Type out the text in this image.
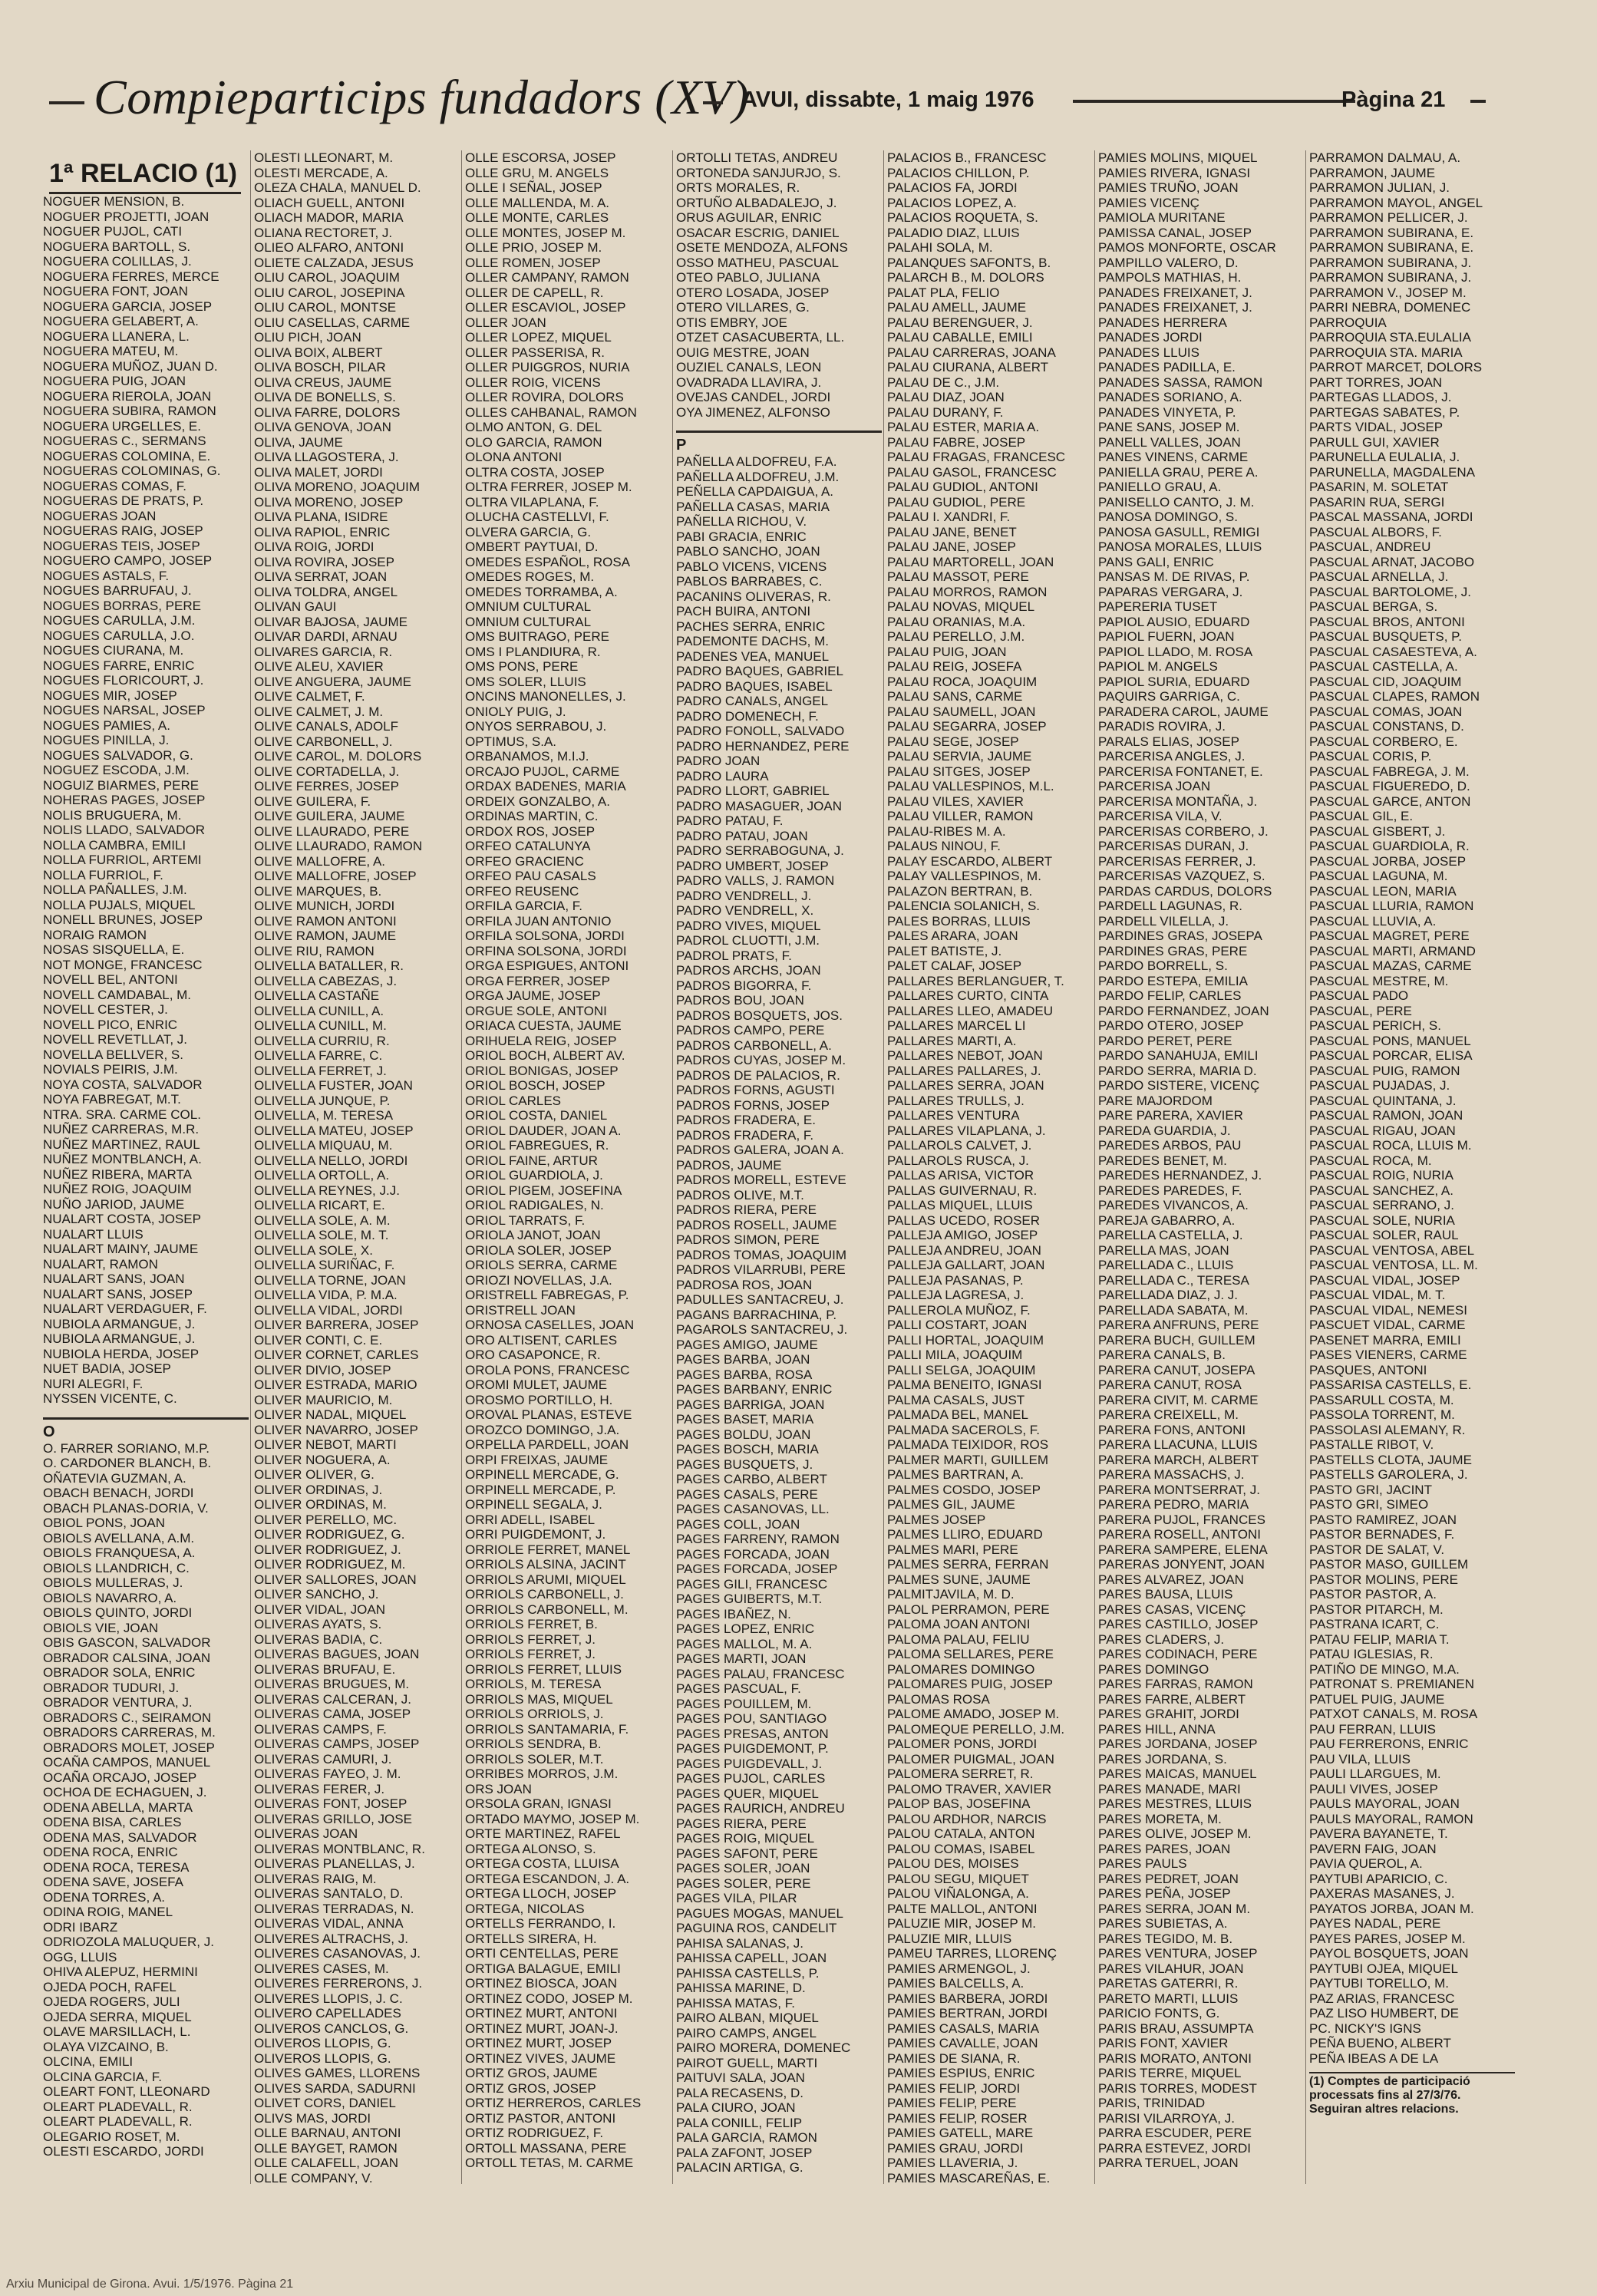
Compieparticips fundadors (XV)
AVUI, dissabte, 1 maig 1976	Pàgina 21
1ª RELACIO (1)
NOGUER MENSION, B.
NOGUER PROJETTI, JOAN
NOGUER PUJOL, CATI
NOGUERA BARTOLL, S.
NOGUERA COLILLAS, J.
NOGUERA FERRES, MERCE
NOGUERA FONT, JOAN
NOGUERA GARCIA, JOSEP
NOGUERA GELABERT, A.
NOGUERA LLANERA, L.
NOGUERA MATEU, M.
NOGUERA MUÑOZ, JUAN D.
NOGUERA PUIG, JOAN
NOGUERA RIEROLA, JOAN
NOGUERA SUBIRA, RAMON
NOGUERA URGELLES, E.
NOGUERAS C., SERMANS
NOGUERAS COLOMINA, E.
NOGUERAS COLOMINAS, G.
NOGUERAS COMAS, F.
NOGUERAS DE PRATS, P.
NOGUERAS JOAN
NOGUERAS RAIG, JOSEP
NOGUERAS TEIS, JOSEP
NOGUERO CAMPO, JOSEP
NOGUES ASTALS, F.
NOGUES BARRUFAU, J.
NOGUES BORRAS, PERE
NOGUES CARULLA, J.M.
NOGUES CARULLA, J.O.
NOGUES CIURANA, M.
NOGUES FARRE, ENRIC
NOGUES FLORICOURT, J.
NOGUES MIR, JOSEP
NOGUES NARSAL, JOSEP
NOGUES PAMIES, A.
NOGUES PINILLA, J.
NOGUES SALVADOR, G.
NOGUEZ ESCODA, J.M.
NOGUIZ BIARMES, PERE
NOHERAS PAGES, JOSEP
NOLIS BRUGUERA, M.
NOLIS LLADO, SALVADOR
NOLLA CAMBRA, EMILI
NOLLA FURRIOL, ARTEMI
NOLLA FURRIOL, F.
NOLLA PAÑALLES, J.M.
NOLLA PUJALS, MIQUEL
NONELL BRUNES, JOSEP
NORAIG RAMON
NOSAS SISQUELLA, E.
NOT MONGE, FRANCESC
NOVELL BEL, ANTONI
NOVELL CAMDABAL, M.
NOVELL CESTER, J.
NOVELL PICO, ENRIC
NOVELL REVETLLAT, J.
NOVELLA BELLVER, S.
NOVIALS PEIRIS, J.M.
NOYA COSTA, SALVADOR
NOYA FABREGAT, M.T.
NTRA. SRA. CARME COL.
NUÑEZ CARRERAS, M.R.
NUÑEZ MARTINEZ, RAUL
NUÑEZ MONTBLANCH, A.
NUÑEZ RIBERA, MARTA
NUÑEZ ROIG, JOAQUIM
NUÑO JARIOD, JAUME
NUALART COSTA, JOSEP
NUALART LLUIS
NUALART MAINY, JAUME
NUALART, RAMON
NUALART SANS, JOAN
NUALART SANS, JOSEP
NUALART VERDAGUER, F.
NUBIOLA ARMANGUE, J.
NUBIOLA ARMANGUE, J.
NUBIOLA HERDA, JOSEP
NUET BADIA, JOSEP
NURI ALEGRI, F.
NYSSEN VICENTE, C.
O
O. FARRER SORIANO, M.P.
O. CARDONER BLANCH, B.
OÑATEVIA GUZMAN, A.
OBACH BENACH, JORDI
OBACH PLANAS-DORIA, V.
OBIOL PONS, JOAN
OBIOLS AVELLANA, A.M.
OBIOLS FRANQUESA, A.
OBIOLS LLANDRICH, C.
OBIOLS MULLERAS, J.
OBIOLS NAVARRO, A.
OBIOLS QUINTO, JORDI
OBIOLS VIE, JOAN
OBIS GASCON, SALVADOR
OBRADOR CALSINA, JOAN
OBRADOR SOLA, ENRIC
OBRADOR TUDURI, J.
OBRADOR VENTURA, J.
OBRADORS C., SEIRAMON
OBRADORS CARRERAS, M.
OBRADORS MOLET, JOSEP
OCAÑA CAMPOS, MANUEL
OCAÑA ORCAJO, JOSEP
OCHOA DE ECHAGUEN, J.
ODENA ABELLA, MARTA
ODENA BISA, CARLES
ODENA MAS, SALVADOR
ODENA ROCA, ENRIC
ODENA ROCA, TERESA
ODENA SAVE, JOSEFA
ODENA TORRES, A.
ODINA ROIG, MANEL
ODRI IBARZ
ODRIOZOLA MALUQUER, J.
OGG, LLUIS
OHIVA ALEPUZ, HERMINI
OJEDA POCH, RAFEL
OJEDA ROGERS, JULI
OJEDA SERRA, MIQUEL
OLAVE MARSILLACH, L.
OLAYA VIZCAINO, B.
OLCINA, EMILI
OLCINA GARCIA, F.
OLEART FONT, LLEONARD
OLEART PLADEVALL, R.
OLEART PLADEVALL, R.
OLEGARIO ROSET, M.
OLESTI ESCARDO, JORDI
OLESTI LLEONART, M.
OLESTI MERCADE, A.
OLEZA CHALA, MANUEL D.
OLIACH GUELL, ANTONI
OLIACH MADOR, MARIA
OLIANA RECTORET, J.
OLIEO ALFARO, ANTONI
OLIETE CALZADA, JESUS
OLIU CAROL, JOAQUIM
OLIU CAROL, JOSEPINA
OLIU CAROL, MONTSE
OLIU CASELLAS, CARME
OLIU PICH, JOAN
OLIVA BOIX, ALBERT
OLIVA BOSCH, PILAR
OLIVA CREUS, JAUME
OLIVA DE BONELLS, S.
OLIVA FARRE, DOLORS
OLIVA GENOVA, JOAN
OLIVA, JAUME
OLIVA LLAGOSTERA, J.
OLIVA MALET, JORDI
OLIVA MORENO, JOAQUIM
OLIVA MORENO, JOSEP
OLIVA PLANA, ISIDRE
OLIVA RAPIOL, ENRIC
OLIVA ROIG, JORDI
OLIVA ROVIRA, JOSEP
OLIVA SERRAT, JOAN
OLIVA TOLDRA, ANGEL
OLIVAN GAUI
OLIVAR BAJOSA, JAUME
OLIVAR DARDI, ARNAU
OLIVARES GARCIA, R.
OLIVE ALEU, XAVIER
OLIVE ANGUERA, JAUME
OLIVE CALMET, F.
OLIVE CALMET, J. M.
OLIVE CANALS, ADOLF
OLIVE CARBONELL, J.
OLIVE CAROL, M. DOLORS
OLIVE CORTADELLA, J.
OLIVE FERRES, JOSEP
OLIVE GUILERA, F.
OLIVE GUILERA, JAUME
OLIVE LLAURADO, PERE
OLIVE LLAURADO, RAMON
OLIVE MALLOFRE, A.
OLIVE MALLOFRE, JOSEP
OLIVE MARQUES, B.
OLIVE MUNICH, JORDI
OLIVE RAMON ANTONI
OLIVE RAMON, JAUME
OLIVE RIU, RAMON
OLIVELLA BATALLER, R.
OLIVELLA CABEZAS, J.
OLIVELLA CASTAÑE
OLIVELLA CUNILL, A.
OLIVELLA CUNILL, M.
OLIVELLA CURRIU, R.
OLIVELLA FARRE, C.
OLIVELLA FERRET, J.
OLIVELLA FUSTER, JOAN
OLIVELLA JUNQUE, P.
OLIVELLA, M. TERESA
OLIVELLA MATEU, JOSEP
OLIVELLA MIQUAU, M.
OLIVELLA NELLO, JORDI
OLIVELLA ORTOLL, A.
OLIVELLA REYNES, J.J.
OLIVELLA RICART, E.
OLIVELLA SOLE, A. M.
OLIVELLA SOLE, M. T.
OLIVELLA SOLE, X.
OLIVELLA SURIÑAC, F.
OLIVELLA TORNE, JOAN
OLIVELLA VIDA, P. M.A.
OLIVELLA VIDAL, JORDI
OLIVER BARRERA, JOSEP
OLIVER CONTI, C. E.
OLIVER CORNET, CARLES
OLIVER DIVIO, JOSEP
OLIVER ESTRADA, MARIO
OLIVER MAURICIO, M.
OLIVER NADAL, MIQUEL
OLIVER NAVARRO, JOSEP
OLIVER NEBOT, MARTI
OLIVER NOGUERA, A.
OLIVER OLIVER, G.
OLIVER ORDINAS, J.
OLIVER ORDINAS, M.
OLIVER PERELLO, MC.
OLIVER RODRIGUEZ, G.
OLIVER RODRIGUEZ, J.
OLIVER RODRIGUEZ, M.
OLIVER SALLORES, JOAN
OLIVER SANCHO, J.
OLIVER VIDAL, JOAN
OLIVERAS AYATS, S.
OLIVERAS BADIA, C.
OLIVERAS BAGUES, JOAN
OLIVERAS BRUFAU, E.
OLIVERAS BRUGUES, M.
OLIVERAS CALCERAN, J.
OLIVERAS CAMA, JOSEP
OLIVERAS CAMPS, F.
OLIVERAS CAMPS, JOSEP
OLIVERAS CAMURI, J.
OLIVERAS FAYEO, J. M.
OLIVERAS FERER, J.
OLIVERAS FONT, JOSEP
OLIVERAS GRILLO, JOSE
OLIVERAS JOAN
OLIVERAS MONTBLANC, R.
OLIVERAS PLANELLAS, J.
OLIVERAS RAIG, M.
OLIVERAS SANTALO, D.
OLIVERAS TERRADAS, N.
OLIVERAS VIDAL, ANNA
OLIVERES ALTRACHS, J.
OLIVERES CASANOVAS, J.
OLIVERES CASES, M.
OLIVERES FERRERONS, J.
OLIVERES LLOPIS, J. C.
OLIVERO CAPELLADES
OLIVEROS CANCLOS, G.
OLIVEROS LLOPIS, G.
OLIVEROS LLOPIS, G.
OLIVES GAMES, LLORENS
OLIVES SARDA, SADURNI
OLIVET CORS, DANIEL
OLIVS MAS, JORDI
OLLE BARNAU, ANTONI
OLLE BAYGET, RAMON
OLLE CALAFELL, JOAN
OLLE COMPANY, V.
OLLE ESCORSA, JOSEP
OLLE GRU, M. ANGELS
OLLE I SEÑAL, JOSEP
OLLE MALLENDA, M. A.
OLLE MONTE, CARLES
OLLE MONTES, JOSEP M.
OLLE PRIO, JOSEP M.
OLLE ROMEN, JOSEP
OLLER CAMPANY, RAMON
OLLER DE CAPELL, R.
OLLER ESCAVIOL, JOSEP
OLLER JOAN
OLLER LOPEZ, MIQUEL
OLLER PASSERISA, R.
OLLER PUIGGROS, NURIA
OLLER ROIG, VICENS
OLLER ROVIRA, DOLORS
OLLES CAHBANAL, RAMON
OLMO ANTON, G. DEL
OLO GARCIA, RAMON
OLONA ANTONI
OLTRA COSTA, JOSEP
OLTRA FERRER, JOSEP M.
OLTRA VILAPLANA, F.
OLUCHA CASTELLVI, F.
OLVERA GARCIA, G.
OMBERT PAYTUAI, D.
OMEDES ESPAÑOL, ROSA
OMEDES ROGES, M.
OMEDES TORRAMBA, A.
OMNIUM CULTURAL
OMNIUM CULTURAL
OMS BUITRAGO, PERE
OMS I PLANDIURA, R.
OMS PONS, PERE
OMS SOLER, LLUIS
ONCINS MANONELLES, J.
ONIOLY PUIG, J.
ONYOS SERRABOU, J.
OPTIMUS, S.A.
ORBANAMOS, M.I.J.
ORCAJO PUJOL, CARME
ORDAX BADENES, MARIA
ORDEIX GONZALBO, A.
ORDINAS MARTIN, C.
ORDOX ROS, JOSEP
ORFEO CATALUNYA
ORFEO GRACIENC
ORFEO PAU CASALS
ORFEO REUSENC
ORFILA GARCIA, F.
ORFILA JUAN ANTONIO
ORFILA SOLSONA, JORDI
ORFINA SOLSONA, JORDI
ORGA ESPIGUES, ANTONI
ORGA FERRER, JOSEP
ORGA JAUME, JOSEP
ORGUE SOLE, ANTONI
ORIACA CUESTA, JAUME
ORIHUELA REIG, JOSEP
ORIOL BOCH, ALBERT AV.
ORIOL BONIGAS, JOSEP
ORIOL BOSCH, JOSEP
ORIOL CARLES
ORIOL COSTA, DANIEL
ORIOL DAUDER, JOAN A.
ORIOL FABREGUES, R.
ORIOL FAINE, ARTUR
ORIOL GUARDIOLA, J.
ORIOL PIGEM, JOSEFINA
ORIOL RADIGALES, N.
ORIOL TARRATS, F.
ORIOLA JANOT, JOAN
ORIOLA SOLER, JOSEP
ORIOLS SERRA, CARME
ORIOZI NOVELLAS, J.A.
ORISTRELL FABREGAS, P.
ORISTRELL JOAN
ORNOSA CASELLES, JOAN
ORO ALTISENT, CARLES
ORO CASAPONCE, R.
OROLA PONS, FRANCESC
OROMI MULET, JAUME
OROSMO PORTILLO, H.
OROVAL PLANAS, ESTEVE
OROZCO DOMINGO, J.A.
ORPELLA PARDELL, JOAN
ORPI FREIXAS, JAUME
ORPINELL MERCADE, G.
ORPINELL MERCADE, P.
ORPINELL SEGALA, J.
ORRI ADELL, ISABEL
ORRI PUIGDEMONT, J.
ORRIOLE FERRET, MANEL
ORRIOLS ALSINA, JACINT
ORRIOLS ARUMI, MIQUEL
ORRIOLS CARBONELL, J.
ORRIOLS CARBONELL, M.
ORRIOLS FERRET, B.
ORRIOLS FERRET, J.
ORRIOLS FERRET, J.
ORRIOLS FERRET, LLUIS
ORRIOLS, M. TERESA
ORRIOLS MAS, MIQUEL
ORRIOLS ORRIOLS, J.
ORRIOLS SANTAMARIA, F.
ORRIOLS SENDRA, B.
ORRIOLS SOLER, M.T.
ORRIBES MORROS, J.M.
ORS JOAN
ORSOLA GRAN, IGNASI
ORTADO MAYMO, JOSEP M.
ORTE MARTINEZ, RAFEL
ORTEGA ALONSO, S.
ORTEGA COSTA, LLUISA
ORTEGA ESCANDON, J. A.
ORTEGA LLOCH, JOSEP
ORTEGA, NICOLAS
ORTELLS FERRANDO, I.
ORTELLS SIRERA, H.
ORTI CENTELLAS, PERE
ORTIGA BALAGUE, EMILI
ORTINEZ BIOSCA, JOAN
ORTINEZ CODO, JOSEP M.
ORTINEZ MURT, ANTONI
ORTINEZ MURT, JOAN-J.
ORTINEZ MURT, JOSEP
ORTINEZ VIVES, JAUME
ORTIZ GROS, JAUME
ORTIZ GROS, JOSEP
ORTIZ HERREROS, CARLES
ORTIZ PASTOR, ANTONI
ORTIZ RODRIGUEZ, F.
ORTOLL MASSANA, PERE
ORTOLL TETAS, M. CARME
ORTOLLI TETAS, ANDREU
ORTONEDA SANJURJO, S.
ORTS MORALES, R.
ORTUÑO ALBADALEJO, J.
ORUS AGUILAR, ENRIC
OSACAR ESCRIG, DANIEL
OSETE MENDOZA, ALFONS
OSSO MATHEU, PASCUAL
OTEO PABLO, JULIANA
OTERO LOSADA, JOSEP
OTERO VILLARES, G.
OTIS EMBRY, JOE
OTZET CASACUBERTA, LL.
OUIG MESTRE, JOAN
OUZIEL CANALS, LEON
OVADRADA LLAVIRA, J.
OVEJAS CANDEL, JORDI
OYA JIMENEZ, ALFONSO
P
PAÑELLA ALDOFREU, F.A.
PAÑELLA ALDOFREU, J.M.
PEÑELLA CAPDAIGUA, A.
PAÑELLA CASAS, MARIA
PAÑELLA RICHOU, V.
PABI GRACIA, ENRIC
PABLO SANCHO, JOAN
PABLO VICENS, VICENS
PABLOS BARRABES, C.
PACANINS OLIVERAS, R.
PACH BUIRA, ANTONI
PACHES SERRA, ENRIC
PADEMONTE DACHS, M.
PADENES VEA, MANUEL
PADRO BAQUES, GABRIEL
PADRO BAQUES, ISABEL
PADRO CANALS, ANGEL
PADRO DOMENECH, F.
PADRO FONOLL, SALVADO
PADRO HERNANDEZ, PERE
PADRO JOAN
PADRO LAURA
PADRO LLORT, GABRIEL
PADRO MASAGUER, JOAN
PADRO PATAU, F.
PADRO PATAU, JOAN
PADRO SERRABOGUNA, J.
PADRO UMBERT, JOSEP
PADRO VALLS, J. RAMON
PADRO VENDRELL, J.
PADRO VENDRELL, X.
PADRO VIVES, MIQUEL
PADROL CLUOTTI, J.M.
PADROL PRATS, F.
PADROS ARCHS, JOAN
PADROS BIGORRA, F.
PADROS BOU, JOAN
PADROS BOSQUETS, JOS.
PADROS CAMPO, PERE
PADROS CARBONELL, A.
PADROS CUYAS, JOSEP M.
PADROS DE PALACIOS, R.
PADROS FORNS, AGUSTI
PADROS FORNS, JOSEP
PADROS FRADERA, E.
PADROS FRADERA, F.
PADROS GALERA, JOAN A.
PADROS, JAUME
PADROS MORELL, ESTEVE
PADROS OLIVE, M.T.
PADROS RIERA, PERE
PADROS ROSELL, JAUME
PADROS SIMON, PERE
PADROS TOMAS, JOAQUIM
PADROS VILARRUBI, PERE
PADROSA ROS, JOAN
PADULLES SANTACREU, J.
PAGANS BARRACHINA, P.
PAGAROLS SANTACREU, J.
PAGES AMIGO, JAUME
PAGES BARBA, JOAN
PAGES BARBA, ROSA
PAGES BARBANY, ENRIC
PAGES BARRIGA, JOAN
PAGES BASET, MARIA
PAGES BOLDU, JOAN
PAGES BOSCH, MARIA
PAGES BUSQUETS, J.
PAGES CARBO, ALBERT
PAGES CASALS, PERE
PAGES CASANOVAS, LL.
PAGES COLL, JOAN
PAGES FARRENY, RAMON
PAGES FORCADA, JOAN
PAGES FORCADA, JOSEP
PAGES GILI, FRANCESC
PAGES GUIBERTS, M.T.
PAGES IBAÑEZ, N.
PAGES LOPEZ, ENRIC
PAGES MALLOL, M. A.
PAGES MARTI, JOAN
PAGES PALAU, FRANCESC
PAGES PASCUAL, F.
PAGES POUILLEM, M.
PAGES POU, SANTIAGO
PAGES PRESAS, ANTON
PAGES PUIGDEMONT, P.
PAGES PUIGDEVALL, J.
PAGES PUJOL, CARLES
PAGES QUER, MIQUEL
PAGES RAURICH, ANDREU
PAGES RIERA, PERE
PAGES ROIG, MIQUEL
PAGES SAFONT, PERE
PAGES SOLER, JOAN
PAGES SOLER, PERE
PAGES VILA, PILAR
PAGUES MOGAS, MANUEL
PAGUINA ROS, CANDELIT
PAHISA SALANAS, J.
PAHISSA CAPELL, JOAN
PAHISSA CASTELLS, P.
PAHISSA MARINE, D.
PAHISSA MATAS, F.
PAIRO ALBAN, MIQUEL
PAIRO CAMPS, ANGEL
PAIRO MORERA, DOMENEC
PAIROT GUELL, MARTI
PAITUVI SALA, JOAN
PALA RECASENS, D.
PALA CIURO, JOAN
PALA CONILL, FELIP
PALA GARCIA, RAMON
PALA ZAFONT, JOSEP
PALACIN ARTIGA, G.
PALACIOS B., FRANCESC
PALACIOS CHILLON, P.
PALACIOS FA, JORDI
PALACIOS LOPEZ, A.
PALACIOS ROQUETA, S.
PALADIO DIAZ, LLUIS
PALAHI SOLA, M.
PALANQUES SAFONTS, B.
PALARCH B., M. DOLORS
PALAT PLA, FELIO
PALAU AMELL, JAUME
PALAU BERENGUER, J.
PALAU CABALLE, EMILI
PALAU CARRERAS, JOANA
PALAU CIURANA, ALBERT
PALAU DE C., J.M.
PALAU DIAZ, JOAN
PALAU DURANY, F.
PALAU ESTER, MARIA A.
PALAU FABRE, JOSEP
PALAU FRAGAS, FRANCESC
PALAU GASOL, FRANCESC
PALAU GUDIOL, ANTONI
PALAU GUDIOL, PERE
PALAU I. XANDRI, F.
PALAU JANE, BENET
PALAU JANE, JOSEP
PALAU MARTORELL, JOAN
PALAU MASSOT, PERE
PALAU MORROS, RAMON
PALAU NOVAS, MIQUEL
PALAU ORANIAS, M.A.
PALAU PERELLO, J.M.
PALAU PUIG, JOAN
PALAU REIG, JOSEFA
PALAU ROCA, JOAQUIM
PALAU SANS, CARME
PALAU SAUMELL, JOAN
PALAU SEGARRA, JOSEP
PALAU SEGE, JOSEP
PALAU SERVIA, JAUME
PALAU SITGES, JOSEP
PALAU VALLESPINOS, M.L.
PALAU VILES, XAVIER
PALAU VILLER, RAMON
PALAU-RIBES M. A.
PALAUS NINOU, F.
PALAY ESCARDO, ALBERT
PALAY VALLESPINOS, M.
PALAZON BERTRAN, B.
PALENCIA SOLANICH, S.
PALES BORRAS, LLUIS
PALES ARARA, JOAN
PALET BATISTE, J.
PALET CALAF, JOSEP
PALLARES BERLANGUER, T.
PALLARES CURTO, CINTA
PALLARES LLEO, AMADEU
PALLARES MARCEL LI
PALLARES MARTI, A.
PALLARES NEBOT, JOAN
PALLARES PALLARES, J.
PALLARES SERRA, JOAN
PALLARES TRULLS, J.
PALLARES VENTURA
PALLARES VILAPLANA, J.
PALLAROLS CALVET, J.
PALLAROLS RUSCA, J.
PALLAS ARISA, VICTOR
PALLAS GUIVERNAU, R.
PALLAS MIQUEL, LLUIS
PALLAS UCEDO, ROSER
PALLEJA AMIGO, JOSEP
PALLEJA ANDREU, JOAN
PALLEJA GALLART, JOAN
PALLEJA PASANAS, P.
PALLEJA LAGRESA, J.
PALLEROLA MUÑOZ, F.
PALLI COSTART, JOAN
PALLI HORTAL, JOAQUIM
PALLI MILA, JOAQUIM
PALLI SELGA, JOAQUIM
PALMA BENEITO, IGNASI
PALMA CASALS, JUST
PALMADA BEL, MANEL
PALMADA SACEROLS, F.
PALMADA TEIXIDOR, ROS
PALMER MARTI, GUILLEM
PALMES BARTRAN, A.
PALMES COSDO, JOSEP
PALMES GIL, JAUME
PALMES JOSEP
PALMES LLIRO, EDUARD
PALMES MARI, PERE
PALMES SERRA, FERRAN
PALMES SUNE, JAUME
PALMITJAVILA, M. D.
PALOL PERRAMON, PERE
PALOMA JOAN ANTONI
PALOMA PALAU, FELIU
PALOMA SELLARES, PERE
PALOMARES DOMINGO
PALOMARES PUIG, JOSEP
PALOMAS ROSA
PALOME AMADO, JOSEP M.
PALOMEQUE PERELLO, J.M.
PALOMER PONS, JORDI
PALOMER PUIGMAL, JOAN
PALOMERA SERRET, R.
PALOMO TRAVER, XAVIER
PALOP BAS, JOSEFINA
PALOU ARDHOR, NARCIS
PALOU CATALA, ANTON
PALOU COMAS, ISABEL
PALOU DES, MOISES
PALOU SEGU, MIQUET
PALOU VIÑALONGA, A.
PALTE MALLOL, ANTONI
PALUZIE MIR, JOSEP M.
PALUZIE MIR, LLUIS
PAMEU TARRES, LLORENÇ
PAMIES ARMENGOL, J.
PAMIES BALCELLS, A.
PAMIES BARBERA, JORDI
PAMIES BERTRAN, JORDI
PAMIES CASALS, MARIA
PAMIES CAVALLE, JOAN
PAMIES DE SIANA, R.
PAMIES ESPIUS, ENRIC
PAMIES FELIP, JORDI
PAMIES FELIP, PERE
PAMIES FELIP, ROSER
PAMIES GATELL, MARE
PAMIES GRAU, JORDI
PAMIES LLAVERIA, J.
PAMIES MASCAREÑAS, E.
PAMIES MOLINS, MIQUEL
PAMIES RIVERA, IGNASI
PAMIES TRUÑO, JOAN
PAMIES VICENÇ
PAMIOLA MURITANE
PAMISSA CANAL, JOSEP
PAMOS MONFORTE, OSCAR
PAMPILLO VALERO, D.
PAMPOLS MATHIAS, H.
PANADES FREIXANET, J.
PANADES FREIXANET, J.
PANADES HERRERA
PANADES JORDI
PANADES LLUIS
PANADES PADILLA, E.
PANADES SASSA, RAMON
PANADES SORIANO, A.
PANADES VINYETA, P.
PANE SANS, JOSEP M.
PANELL VALLES, JOAN
PANES VINENS, CARME
PANIELLA GRAU, PERE A.
PANIELLO GRAU, A.
PANISELLO CANTO, J. M.
PANOSA DOMINGO, S.
PANOSA GASULL, REMIGI
PANOSA MORALES, LLUIS
PANS GALI, ENRIC
PANSAS M. DE RIVAS, P.
PAPARAS VERGARA, J.
PAPERERIA TUSET
PAPIOL AUSIO, EDUARD
PAPIOL FUERN, JOAN
PAPIOL LLADO, M. ROSA
PAPIOL M. ANGELS
PAPIOL SURIA, EDUARD
PAQUIRS GARRIGA, C.
PARADERA CAROL, JAUME
PARADIS ROVIRA, J.
PARALS ELIAS, JOSEP
PARCERISA ANGLES, J.
PARCERISA FONTANET, E.
PARCERISA JOAN
PARCERISA MONTAÑA, J.
PARCERISA VILA, V.
PARCERISAS CORBERO, J.
PARCERISAS DURAN, J.
PARCERISAS FERRER, J.
PARCERISAS VAZQUEZ, S.
PARDAS CARDUS, DOLORS
PARDELL LAGUNAS, R.
PARDELL VILELLA, J.
PARDINES GRAS, JOSEPA
PARDINES GRAS, PERE
PARDO BORRELL, S.
PARDO ESTEPA, EMILIA
PARDO FELIP, CARLES
PARDO FERNANDEZ, JOAN
PARDO OTERO, JOSEP
PARDO PERET, PERE
PARDO SANAHUJA, EMILI
PARDO SERRA, MARIA D.
PARDO SISTERE, VICENÇ
PARE MAJORDOM
PARE PARERA, XAVIER
PAREDA GUARDIA, J.
PAREDES ARBOS, PAU
PAREDES BENET, M.
PAREDES HERNANDEZ, J.
PAREDES PAREDES, F.
PAREDES VIVANCOS, A.
PAREJA GABARRO, A.
PARELLA CASTELLA, J.
PARELLA MAS, JOAN
PARELLADA C., LLUIS
PARELLADA C., TERESA
PARELLADA DIAZ, J. J.
PARELLADA SABATA, M.
PARERA ANFRUNS, PERE
PARERA BUCH, GUILLEM
PARERA CANALS, B.
PARERA CANUT, JOSEPA
PARERA CANUT, ROSA
PARERA CIVIT, M. CARME
PARERA CREIXELL, M.
PARERA FONS, ANTONI
PARERA LLACUNA, LLUIS
PARERA MARCH, ALBERT
PARERA MASSACHS, J.
PARERA MONTSERRAT, J.
PARERA PEDRO, MARIA
PARERA PUJOL, FRANCES
PARERA ROSELL, ANTONI
PARERA SAMPERE, ELENA
PARERAS JONYENT, JOAN
PARES ALVAREZ, JOAN
PARES BAUSA, LLUIS
PARES CASAS, VICENÇ
PARES CASTILLO, JOSEP
PARES CLADERS, J.
PARES CODINACH, PERE
PARES DOMINGO
PARES FARRAS, RAMON
PARES FARRE, ALBERT
PARES GRAHIT, JORDI
PARES HILL, ANNA
PARES JORDANA, JOSEP
PARES JORDANA, S.
PARES MAICAS, MANUEL
PARES MANADE, MARI
PARES MESTRES, LLUIS
PARES MORETA, M.
PARES OLIVE, JOSEP M.
PARES PARES, JOAN
PARES PAULS
PARES PEDRET, JOAN
PARES PEÑA, JOSEP
PARES SERRA, JOAN M.
PARES SUBIETAS, A.
PARES TEGIDO, M. B.
PARES VENTURA, JOSEP
PARES VILAHUR, JOAN
PARETAS GATERRI, R.
PARETO MARTI, LLUIS
PARICIO FONTS, G.
PARIS BRAU, ASSUMPTA
PARIS FONT, XAVIER
PARIS MORATO, ANTONI
PARIS TERRE, MIQUEL
PARIS TORRES, MODEST
PARIS, TRINIDAD
PARISI VILARROYA, J.
PARRA ESCUDER, PERE
PARRA ESTEVEZ, JORDI
PARRA TERUEL, JOAN
PARRAMON DALMAU, A.
PARRAMON, JAUME
PARRAMON JULIAN, J.
PARRAMON MAYOL, ANGEL
PARRAMON PELLICER, J.
PARRAMON SUBIRANA, E.
PARRAMON SUBIRANA, E.
PARRAMON SUBIRANA, J.
PARRAMON SUBIRANA, J.
PARRAMON V., JOSEP M.
PARRI NEBRA, DOMENEC
PARROQUIA
PARROQUIA STA.EULALIA
PARROQUIA STA. MARIA
PARROT MARCET, DOLORS
PART TORRES, JOAN
PARTEGAS LLADOS, J.
PARTEGAS SABATES, P.
PARTS VIDAL, JOSEP
PARULL GUI, XAVIER
PARUNELLA EULALIA, J.
PARUNELLA, MAGDALENA
PASARIN, M. SOLETAT
PASARIN RUA, SERGI
PASCAL MASSANA, JORDI
PASCUAL ALBORS, F.
PASCUAL, ANDREU
PASCUAL ARNAT, JACOBO
PASCUAL ARNELLA, J.
PASCUAL BARTOLOME, J.
PASCUAL BERGA, S.
PASCUAL BROS, ANTONI
PASCUAL BUSQUETS, P.
PASCUAL CASAESTEVA, A.
PASCUAL CASTELLA, A.
PASCUAL CID, JOAQUIM
PASCUAL CLAPES, RAMON
PASCUAL COMAS, JOAN
PASCUAL CONSTANS, D.
PASCUAL CORBERO, E.
PASCUAL CORIS, P.
PASCUAL FABREGA, J. M.
PASCUAL FIGUEREDO, D.
PASCUAL GARCE, ANTON
PASCUAL GIL, E.
PASCUAL GISBERT, J.
PASCUAL GUARDIOLA, R.
PASCUAL JORBA, JOSEP
PASCUAL LAGUNA, M.
PASCUAL LEON, MARIA
PASCUAL LLURIA, RAMON
PASCUAL LLUVIA, A.
PASCUAL MAGRET, PERE
PASCUAL MARTI, ARMAND
PASCUAL MAZAS, CARME
PASCUAL MESTRE, M.
PASCUAL PADO
PASCUAL, PERE
PASCUAL PERICH, S.
PASCUAL PONS, MANUEL
PASCUAL PORCAR, ELISA
PASCUAL PUIG, RAMON
PASCUAL PUJADAS, J.
PASCUAL QUINTANA, J.
PASCUAL RAMON, JOAN
PASCUAL RIGAU, JOAN
PASCUAL ROCA, LLUIS M.
PASCUAL ROCA, M.
PASCUAL ROIG, NURIA
PASCUAL SANCHEZ, A.
PASCUAL SERRANO, J.
PASCUAL SOLE, NURIA
PASCUAL SOLER, RAUL
PASCUAL VENTOSA, ABEL
PASCUAL VENTOSA, LL. M.
PASCUAL VIDAL, JOSEP
PASCUAL VIDAL, M. T.
PASCUAL VIDAL, NEMESI
PASCUET VIDAL, CARME
PASENET MARRA, EMILI
PASES VIENERS, CARME
PASQUES, ANTONI
PASSARISA CASTELLS, E.
PASSARULL COSTA, M.
PASSOLA TORRENT, M.
PASSOLASI ALEMANY, R.
PASTALLE RIBOT, V.
PASTELLS CLOTA, JAUME
PASTELLS GAROLERA, J.
PASTO GRI, JACINT
PASTO GRI, SIMEO
PASTO RAMIREZ, JOAN
PASTOR BERNADES, F.
PASTOR DE SALAT, V.
PASTOR MASO, GUILLEM
PASTOR MOLINS, PERE
PASTOR PASTOR, A.
PASTOR PITARCH, M.
PASTRANA ICART, C.
PATAU FELIP, MARIA T.
PATAU IGLESIAS, R.
PATIÑO DE MINGO, M.A.
PATRONAT S. PREMIANEN
PATUEL PUIG, JAUME
PATXOT CANALS, M. ROSA
PAU FERRAN, LLUIS
PAU FERRERONS, ENRIC
PAU VILA, LLUIS
PAULI LLARGUES, M.
PAULI VIVES, JOSEP
PAULS MAYORAL, JOAN
PAULS MAYORAL, RAMON
PAVERA BAYANETE, T.
PAVERN FAIG, JOAN
PAVIA QUEROL, A.
PAYTUBI APARICIO, C.
PAXERAS MASANES, J.
PAYATOS JORBA, JOAN M.
PAYES NADAL, PERE
PAYES PARES, JOSEP M.
PAYOL BOSQUETS, JOAN
PAYTUBI OJEA, MIQUEL
PAYTUBI TORELLO, M.
PAZ ARIAS, FRANCESC
PAZ LISO HUMBERT, DE
PC. NICKY'S IGNS
PEÑA BUENO, ALBERT
PEÑA IBEAS A DE LA
(1) Comptes de participació processats fins al 27/3/76. Seguiran altres relacions.
Arxiu Municipal de Girona. Avui. 1/5/1976. Pàgina 21
